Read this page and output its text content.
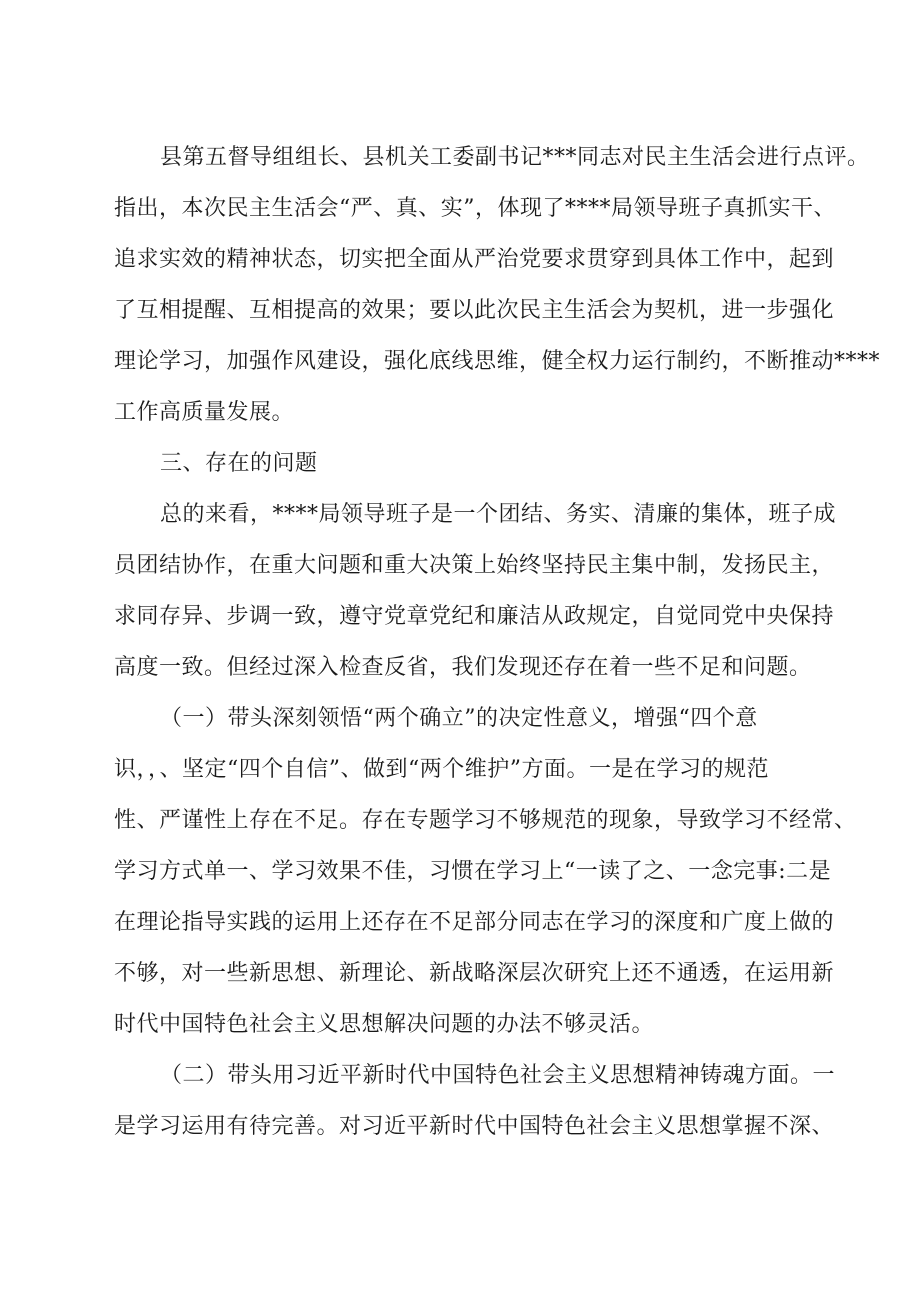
县第五督导组组长、县机关工委副书记***同志对民主生活会进行点评。
指出，本次民主生活会“严、真、实”，体现了****局领导班子真抓实干、
追求实效的精神状态，切实把全面从严治党要求贯穿到具体工作中，起到
了互相提醒、互相提高的效果；要以此次民主生活会为契机，进一步强化
理论学习，加强作风建设，强化底线思维，健全权力运行制约，不断推动****
工作高质量发展。
三、存在的问题
总的来看，****局领导班子是一个团结、务实、清廉的集体，班子成
员团结协作，在重大问题和重大决策上始终坚持民主集中制，发扬民主，
求同存异、步调一致，遵守党章党纪和廉洁从政规定，自觉同党中央保持
高度一致。但经过深入检查反省，我们发现还存在着一些不足和问题。
（一）带头深刻领悟“两个确立”的决定性意义，增强“四个意
识，，、坚定“四个自信”、做到“两个维护”方面。一是在学习的规范
性、严谨性上存在不足。存在专题学习不够规范的现象，导致学习不经常、
学习方式单一、学习效果不佳，习惯在学习上“一读了之、一念完事:二是
在理论指导实践的运用上还存在不足部分同志在学习的深度和广度上做的
不够，对一些新思想、新理论、新战略深层次研究上还不通透，在运用新
时代中国特色社会主义思想解决问题的办法不够灵活。
（二）带头用习近平新时代中国特色社会主义思想精神铸魂方面。一
是学习运用有待完善。对习近平新时代中国特色社会主义思想掌握不深、
